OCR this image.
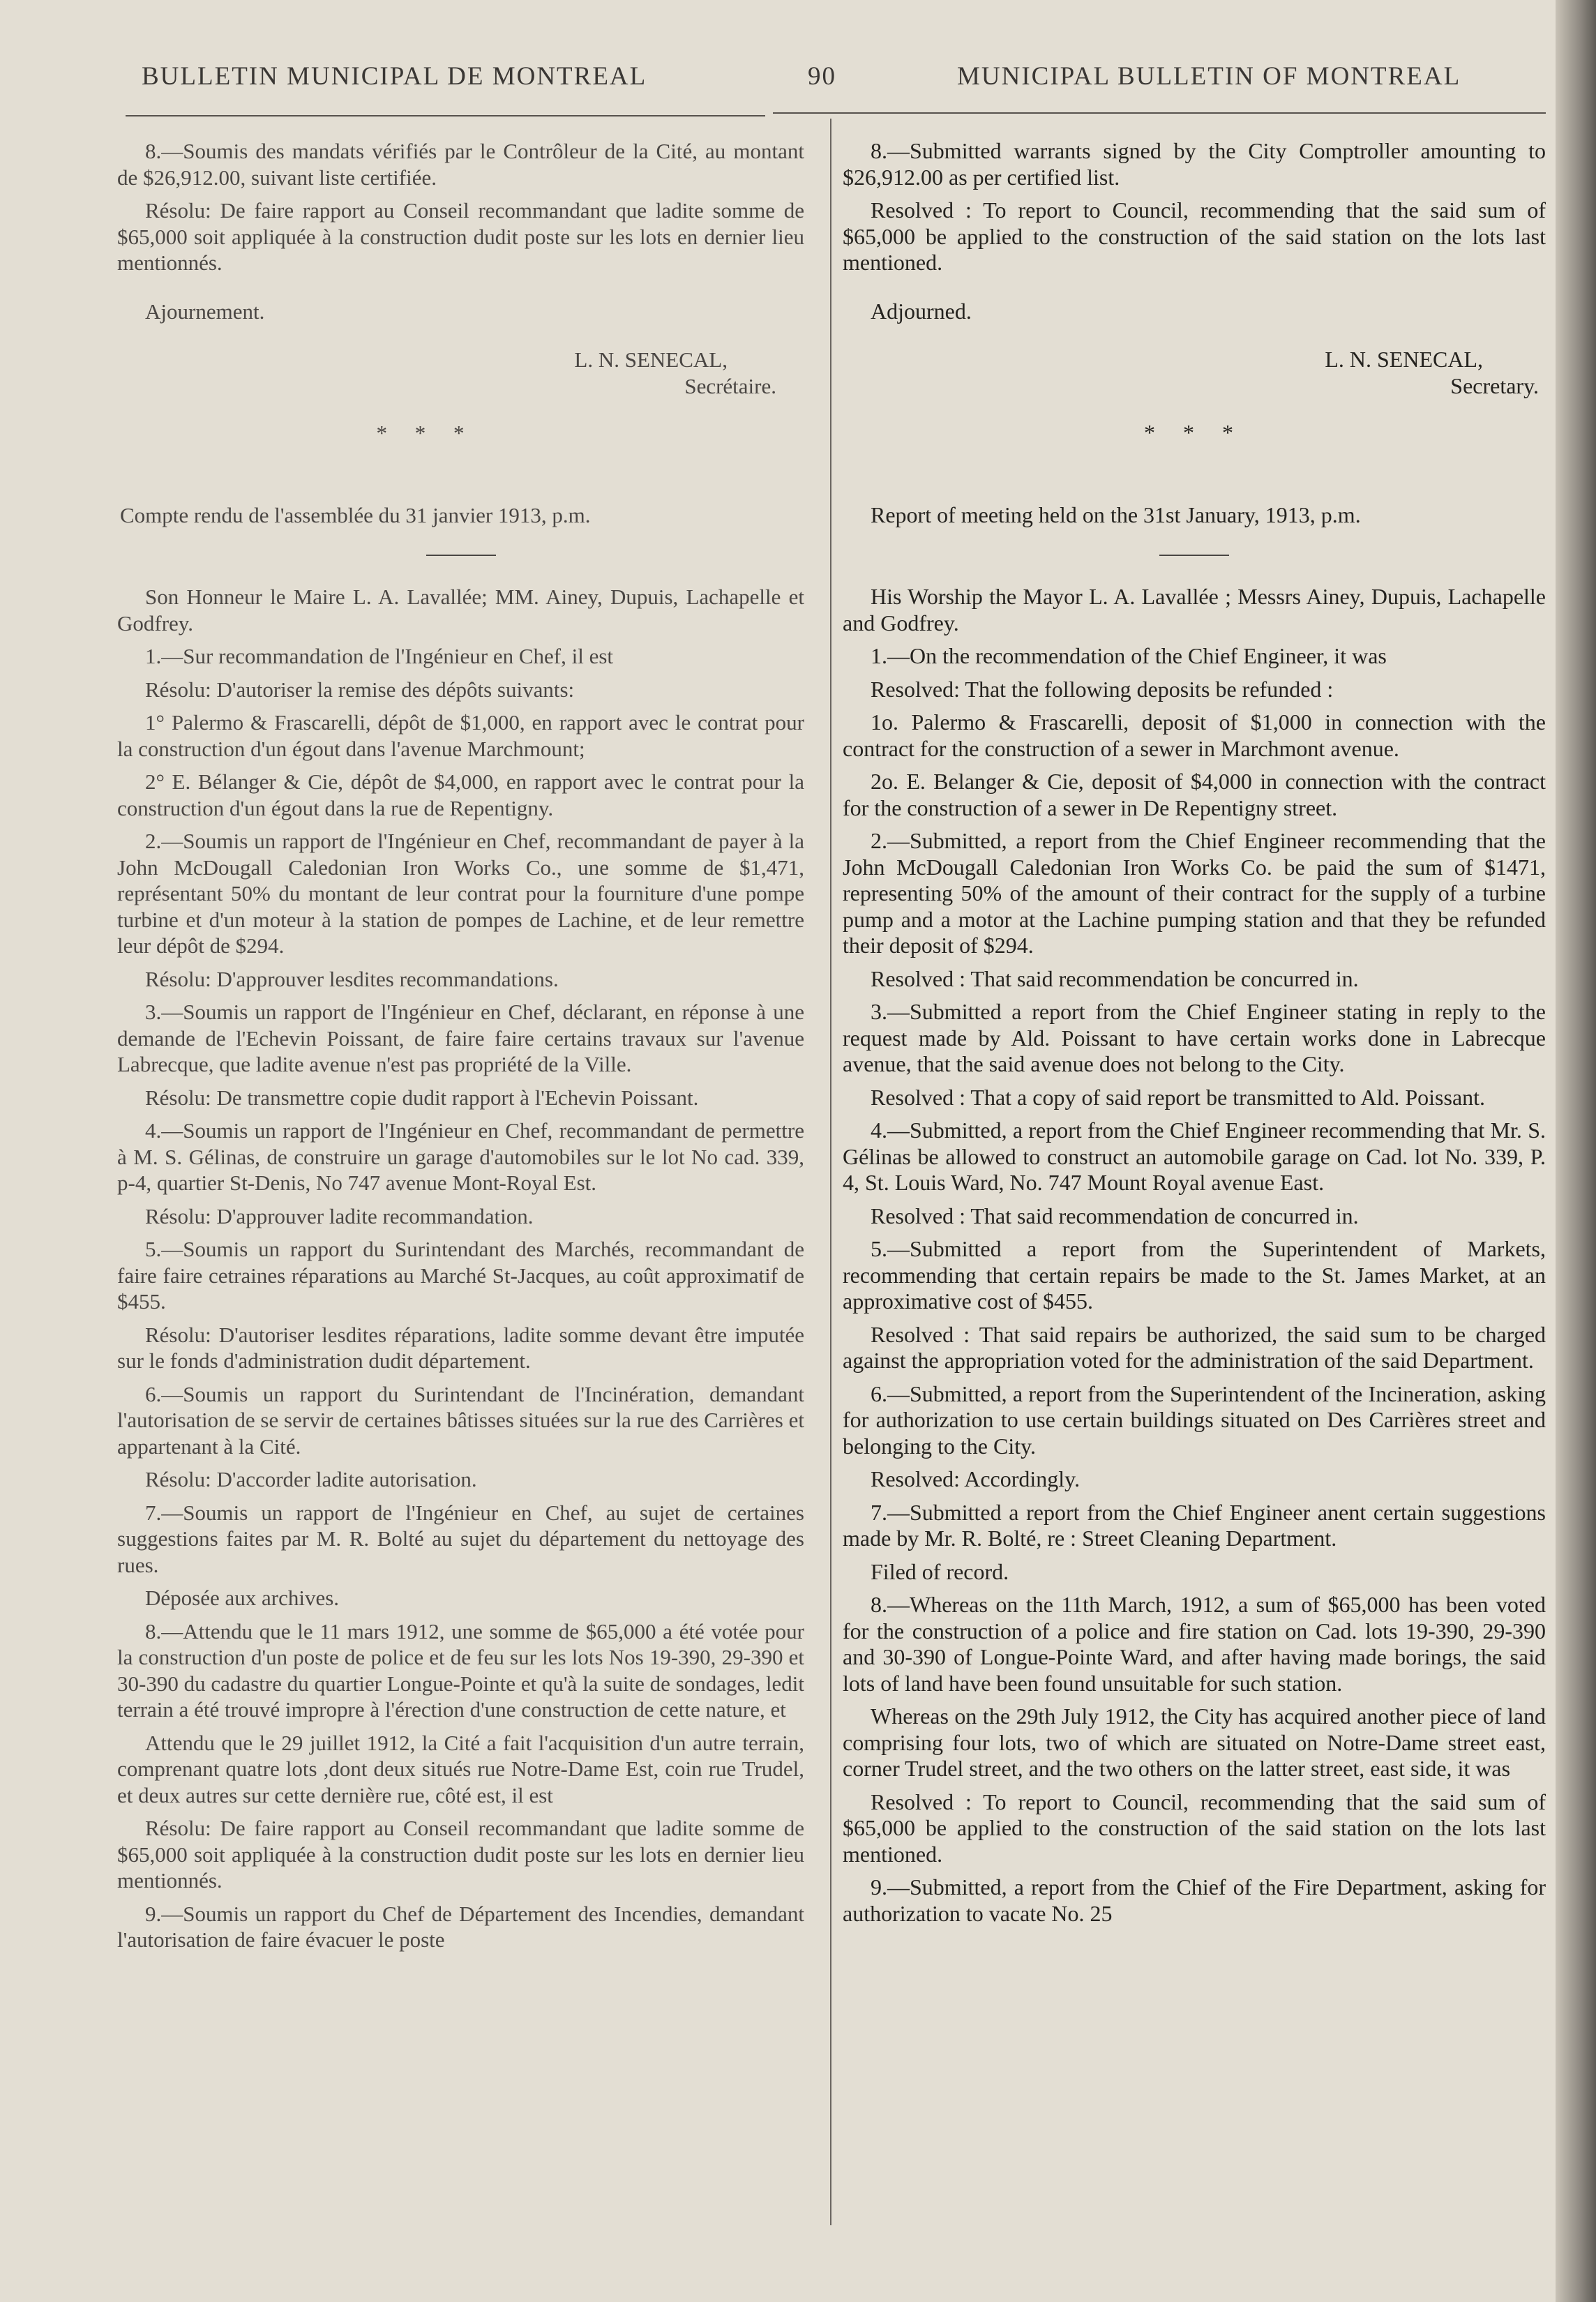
BULLETIN MUNICIPAL DE MONTREAL	90	MUNICIPAL BULLETIN OF MONTREAL

8.—Soumis des mandats vérifiés par le Contrôleur de la Cité, au montant de $26,912.00, suivant liste certifiée.

Résolu: De faire rapport au Conseil recommandant que ladite somme de $65,000 soit appliquée à la construction dudit poste sur les lots en dernier lieu mentionnés.

Ajournement.

L. N. SENECAL,

Secrétaire.

* * *

Compte rendu de l'assemblée du 31 janvier 1913, p.m.

Son Honneur le Maire L. A. Lavallée; MM. Ainey, Dupuis, Lachapelle et Godfrey.

1.—Sur recommandation de l'Ingénieur en Chef, il est

Résolu: D'autoriser la remise des dépôts suivants:

1° Palermo & Frascarelli, dépôt de $1,000, en rapport avec le contrat pour la construction d'un égout dans l'avenue Marchmount;

2° E. Bélanger & Cie, dépôt de $4,000, en rapport avec le contrat pour la construction d'un égout dans la rue de Repentigny.

2.—Soumis un rapport de l'Ingénieur en Chef, recommandant de payer à la John McDougall Caledonian Iron Works Co., une somme de $1,471, représentant 50% du montant de leur contrat pour la fourniture d'une pompe turbine et d'un moteur à la station de pompes de Lachine, et de leur remettre leur dépôt de $294.

Résolu: D'approuver lesdites recommandations.

3.—Soumis un rapport de l'Ingénieur en Chef, déclarant, en réponse à une demande de l'Echevin Poissant, de faire faire certains travaux sur l'avenue Labrecque, que ladite avenue n'est pas propriété de la Ville.

Résolu: De transmettre copie dudit rapport à l'Echevin Poissant.

4.—Soumis un rapport de l'Ingénieur en Chef, recommandant de permettre à M. S. Gélinas, de construire un garage d'automobiles sur le lot No cad. 339, p-4, quartier St-Denis, No 747 avenue Mont-Royal Est.

Résolu: D'approuver ladite recommandation.

5.—Soumis un rapport du Surintendant des Marchés, recommandant de faire faire cetraines réparations au Marché St-Jacques, au coût approximatif de $455.

Résolu: D'autoriser lesdites réparations, ladite somme devant être imputée sur le fonds d'administration dudit département.

6.—Soumis un rapport du Surintendant de l'Incinération, demandant l'autorisation de se servir de certaines bâtisses situées sur la rue des Carrières et appartenant à la Cité.

Résolu: D'accorder ladite autorisation.

7.—Soumis un rapport de l'Ingénieur en Chef, au sujet de certaines suggestions faites par M. R. Bolté au sujet du département du nettoyage des rues.

Déposée aux archives.

8.—Attendu que le 11 mars 1912, une somme de $65,000 a été votée pour la construction d'un poste de police et de feu sur les lots Nos 19-390, 29-390 et 30-390 du cadastre du quartier Longue-Pointe et qu'à la suite de sondages, ledit terrain a été trouvé impropre à l'érection d'une construction de cette nature, et

Attendu que le 29 juillet 1912, la Cité a fait l'acquisition d'un autre terrain, comprenant quatre lots ,dont deux situés rue Notre-Dame Est, coin rue Trudel, et deux autres sur cette dernière rue, côté est, il est

Résolu: De faire rapport au Conseil recommandant que ladite somme de $65,000 soit appliquée à la construction dudit poste sur les lots en dernier lieu mentionnés.

9.—Soumis un rapport du Chef de Département des Incendies, demandant l'autorisation de faire évacuer le poste

8.—Submitted warrants signed by the City Comptroller amounting to $26,912.00 as per certified list.

Resolved : To report to Council, recommending that the said sum of $65,000 be applied to the construction of the said station on the lots last mentioned.

Adjourned.

L. N. SENECAL,

Secretary.

* * *

Report of meeting held on the 31st January, 1913, p.m.

His Worship the Mayor L. A. Lavallée ; Messrs Ainey, Dupuis, Lachapelle and Godfrey.

1.—On the recommendation of the Chief Engineer, it was

Resolved: That the following deposits be refunded :

1o. Palermo & Frascarelli, deposit of $1,000 in connection with the contract for the construction of a sewer in Marchmont avenue.

2o. E. Belanger & Cie, deposit of $4,000 in connection with the contract for the construction of a sewer in De Repentigny street.

2.—Submitted, a report from the Chief Engineer recommending that the John McDougall Caledonian Iron Works Co. be paid the sum of $1471, representing 50% of the amount of their contract for the supply of a turbine pump and a motor at the Lachine pumping station and that they be refunded their deposit of $294.

Resolved : That said recommendation be concurred in.

3.—Submitted a report from the Chief Engineer stating in reply to the request made by Ald. Poissant to have certain works done in Labrecque avenue, that the said avenue does not belong to the City.

Resolved : That a copy of said report be transmitted to Ald. Poissant.

4.—Submitted, a report from the Chief Engineer recommending that Mr. S. Gélinas be allowed to construct an automobile garage on Cad. lot No. 339, P. 4, St. Louis Ward, No. 747 Mount Royal avenue East.

Resolved : That said recommendation de concurred in.

5.—Submitted a report from the Superintendent of Markets, recommending that certain repairs be made to the St. James Market, at an approximative cost of $455.

Resolved : That said repairs be authorized, the said sum to be charged against the appropriation voted for the administration of the said Department.

6.—Submitted, a report from the Superintendent of the Incineration, asking for authorization to use certain buildings situated on Des Carrières street and belonging to the City.

Resolved: Accordingly.

7.—Submitted a report from the Chief Engineer anent certain suggestions made by Mr. R. Bolté, re : Street Cleaning Department.

Filed of record.

8.—Whereas on the 11th March, 1912, a sum of $65,000 has been voted for the construction of a police and fire station on Cad. lots 19-390, 29-390 and 30-390 of Longue-Pointe Ward, and after having made borings, the said lots of land have been found unsuitable for such station.

Whereas on the 29th July 1912, the City has acquired another piece of land comprising four lots, two of which are situated on Notre-Dame street east, corner Trudel street, and the two others on the latter street, east side, it was

Resolved : To report to Council, recommending that the said sum of $65,000 be applied to the construction of the said station on the lots last mentioned.

9.—Submitted, a report from the Chief of the Fire Department, asking for authorization to vacate No. 25
